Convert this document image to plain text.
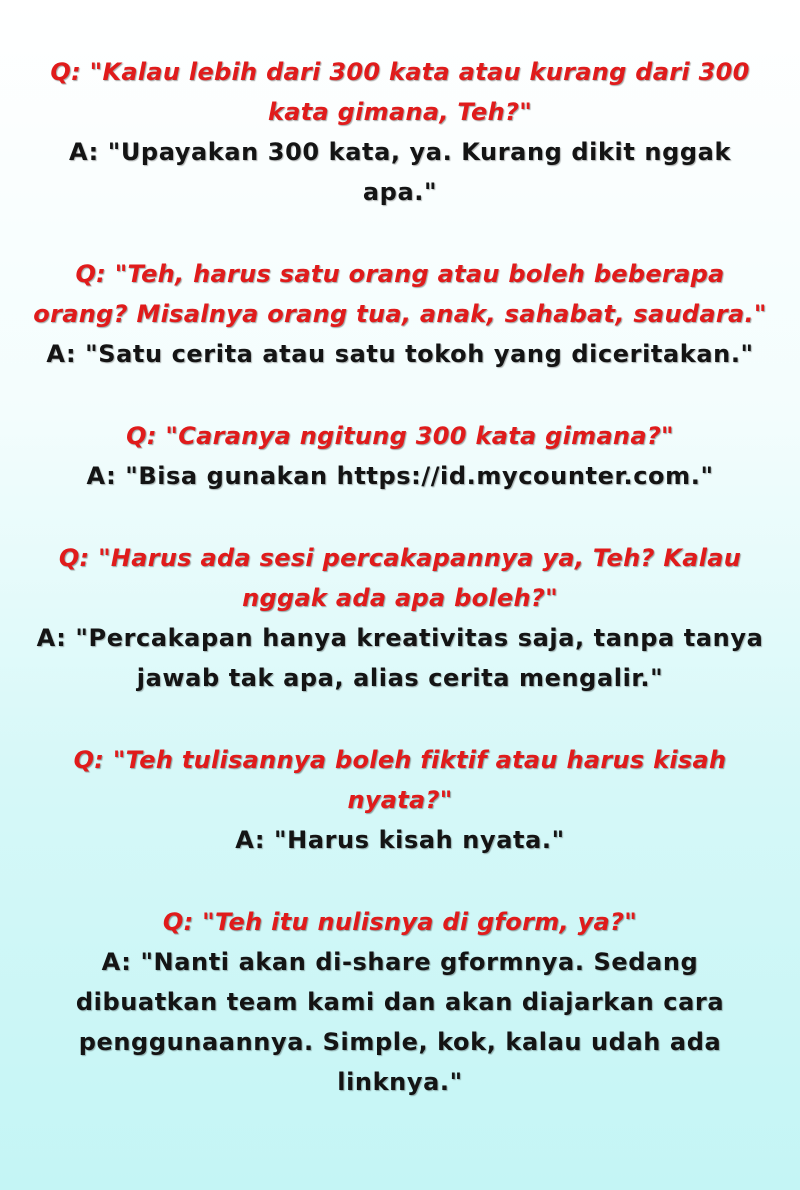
Q: "Kalau lebih dari 300 kata atau kurang dari 300 kata gimana, Teh?"
A: "Upayakan 300 kata, ya. Kurang dikit nggak apa."
Q: "Teh, harus satu orang atau boleh beberapa orang? Misalnya orang tua, anak, sahabat, saudara."
A: "Satu cerita atau satu tokoh yang diceritakan."
Q: "Caranya ngitung 300 kata gimana?"
A: "Bisa gunakan https://id.mycounter.com."
Q: "Harus ada sesi percakapannya ya, Teh? Kalau nggak ada apa boleh?"
A: "Percakapan hanya kreativitas saja, tanpa tanya jawab tak apa, alias cerita mengalir."
Q: "Teh tulisannya boleh fiktif atau harus kisah nyata?"
A: "Harus kisah nyata."
Q: "Teh itu nulisnya di gform, ya?"
A: "Nanti akan di-share gformnya. Sedang dibuatkan team kami dan akan diajarkan cara penggunaannya. Simple, kok, kalau udah ada linknya."
